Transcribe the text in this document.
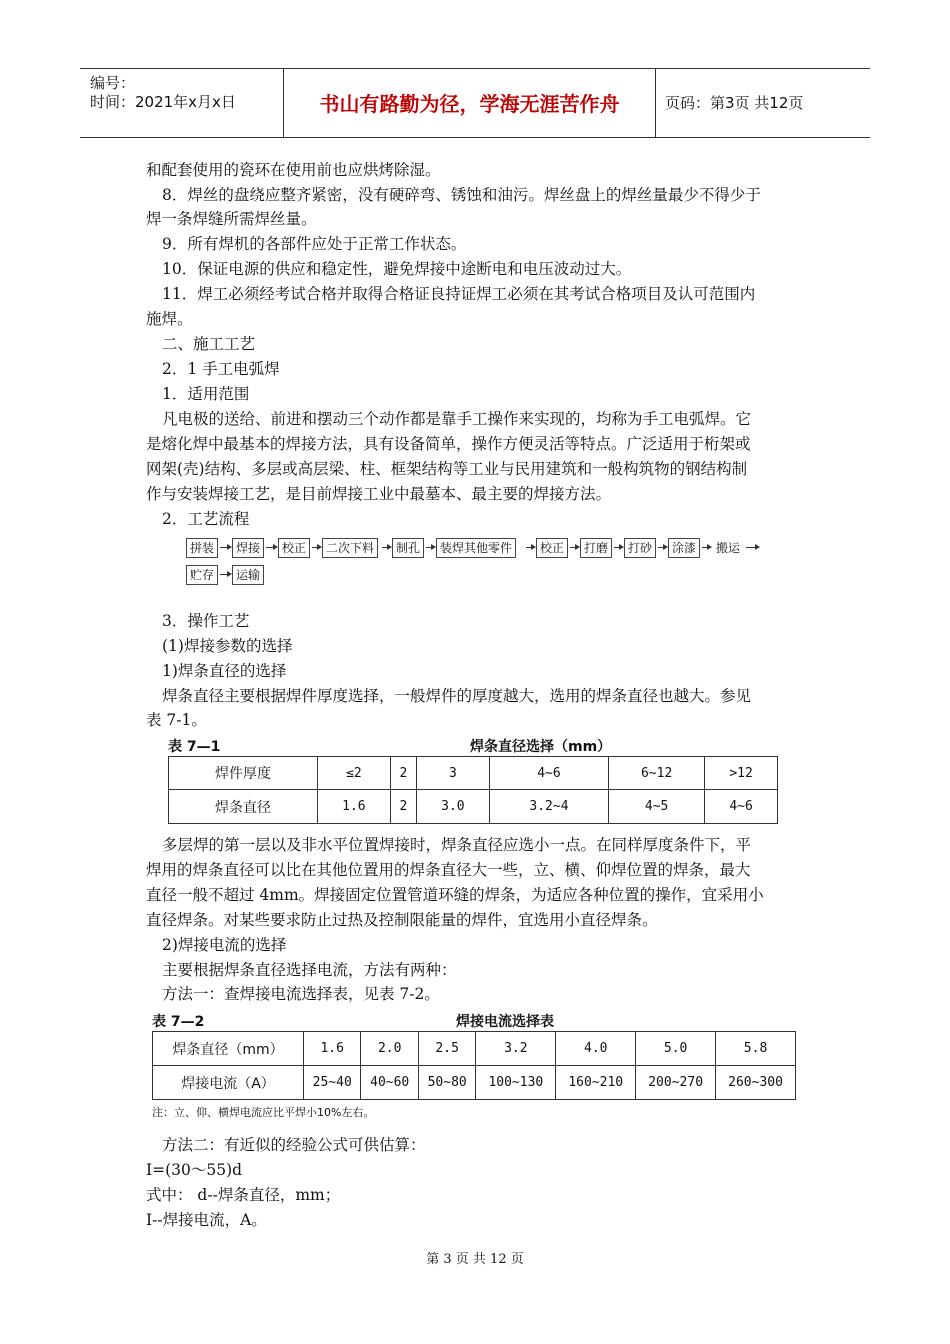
编号：
时间：2021年x月x日	书山有路勤为径，学海无涯苦作舟	页码：第3页 共12页
和配套使用的瓷环在使用前也应烘烤除湿。
8．焊丝的盘绕应整齐紧密，没有硬碎弯、锈蚀和油污。焊丝盘上的焊丝量最少不得少于
焊一条焊缝所需焊丝量。
9．所有焊机的各部件应处于正常工作状态。
10．保证电源的供应和稳定性，避免焊接中途断电和电压波动过大。
11．焊工必须经考试合格并取得合格证良持证焊工必须在其考试合格项目及认可范围内
施焊。
二、施工工艺
2．1 手工电弧焊
1．适用范围
凡电极的送给、前进和摆动三个动作都是靠手工操作来实现的，均称为手工电弧焊。它
是熔化焊中最基本的焊接方法，具有设备简单，操作方便灵活等特点。广泛适用于桁架或
网架(壳)结构、多层或高层梁、柱、框架结构等工业与民用建筑和一般构筑物的钢结构制
作与安装焊接工艺，是目前焊接工业中最墓本、最主要的焊接方法。
2．工艺流程
拼装	焊接	校正	二次下料	制孔	装焊其他零件	校正	打磨	打砂	涂漆	搬运
贮存	运输
3．操作工艺
(1)焊接参数的选择
1)焊条直径的选择
焊条直径主要根据焊件厚度选择，一般焊件的厚度越大，选用的焊条直径也越大。参见
表 7-1。
表 7—1	焊条直径选择（mm）
焊件厚度	≤2	2	3	4~6	6~12	>12
焊条直径	1.6	2	3.0	3.2~4	4~5	4~6
多层焊的第一层以及非水平位置焊接时，焊条直径应选小一点。在同样厚度条件下，平
焊用的焊条直径可以比在其他位置用的焊条直径大一些，立、横、仰焊位置的焊条，最大
直径一般不超过 4mm。焊接固定位置管道环缝的焊条，为适应各种位置的操作，宜采用小
直径焊条。对某些要求防止过热及控制限能量的焊件，宜选用小直径焊条。
2)焊接电流的选择
主要根据焊条直径选择电流，方法有两种：
方法一：查焊接电流选择表，见表 7-2。
表 7—2	焊接电流选择表
焊条直径（mm）	1.6	2.0	2.5	3.2	4.0	5.0	5.8
焊接电流（A）	25~40	40~60	50~80	100~130	160~210	200~270	260~300
注：立、仰、横焊电流应比平焊小10%左右。
方法二：有近似的经验公式可供估算：
I=(30～55)d
式中： d--焊条直径，mm；
I--焊接电流，A。
第 3 页 共 12 页
